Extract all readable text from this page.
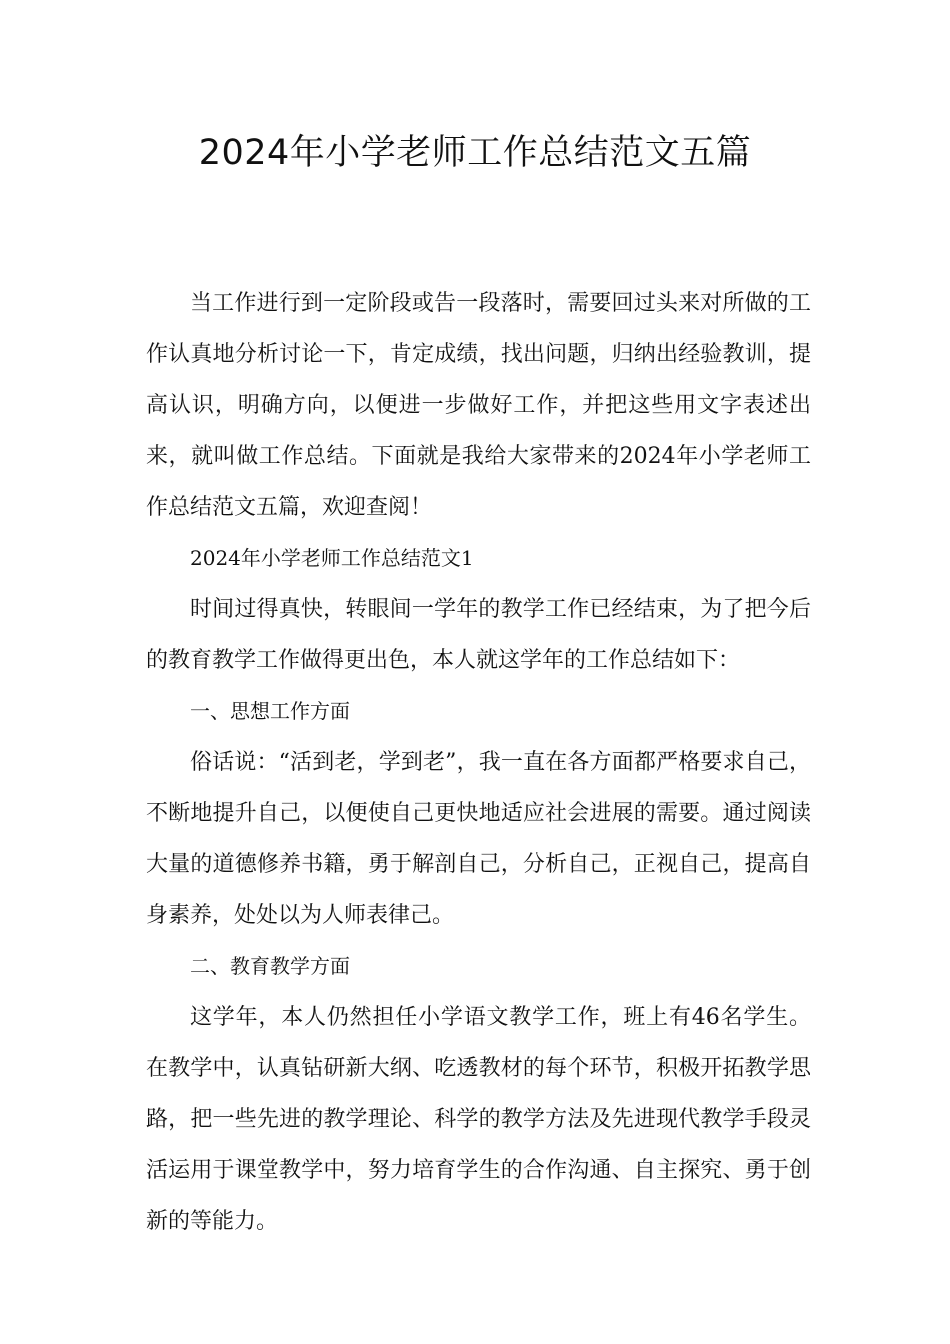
2024年小学老师工作总结范文五篇

当工作进行到一定阶段或告一段落时，需要回过头来对所做的工作认真地分析讨论一下，肯定成绩，找出问题，归纳出经验教训，提高认识，明确方向，以便进一步做好工作，并把这些用文字表述出来，就叫做工作总结。下面就是我给大家带来的2024年小学老师工作总结范文五篇，欢迎查阅！

2024年小学老师工作总结范文1

时间过得真快，转眼间一学年的教学工作已经结束，为了把今后的教育教学工作做得更出色，本人就这学年的工作总结如下：

一、思想工作方面

俗话说：“活到老，学到老”，我一直在各方面都严格要求自己，不断地提升自己，以便使自己更快地适应社会进展的需要。通过阅读大量的道德修养书籍，勇于解剖自己，分析自己，正视自己，提高自身素养，处处以为人师表律己。

二、教育教学方面

这学年，本人仍然担任小学语文教学工作，班上有46名学生。在教学中，认真钻研新大纲、吃透教材的每个环节，积极开拓教学思路，把一些先进的教学理论、科学的教学方法及先进现代教学手段灵活运用于课堂教学中，努力培育学生的合作沟通、自主探究、勇于创新的等能力。
